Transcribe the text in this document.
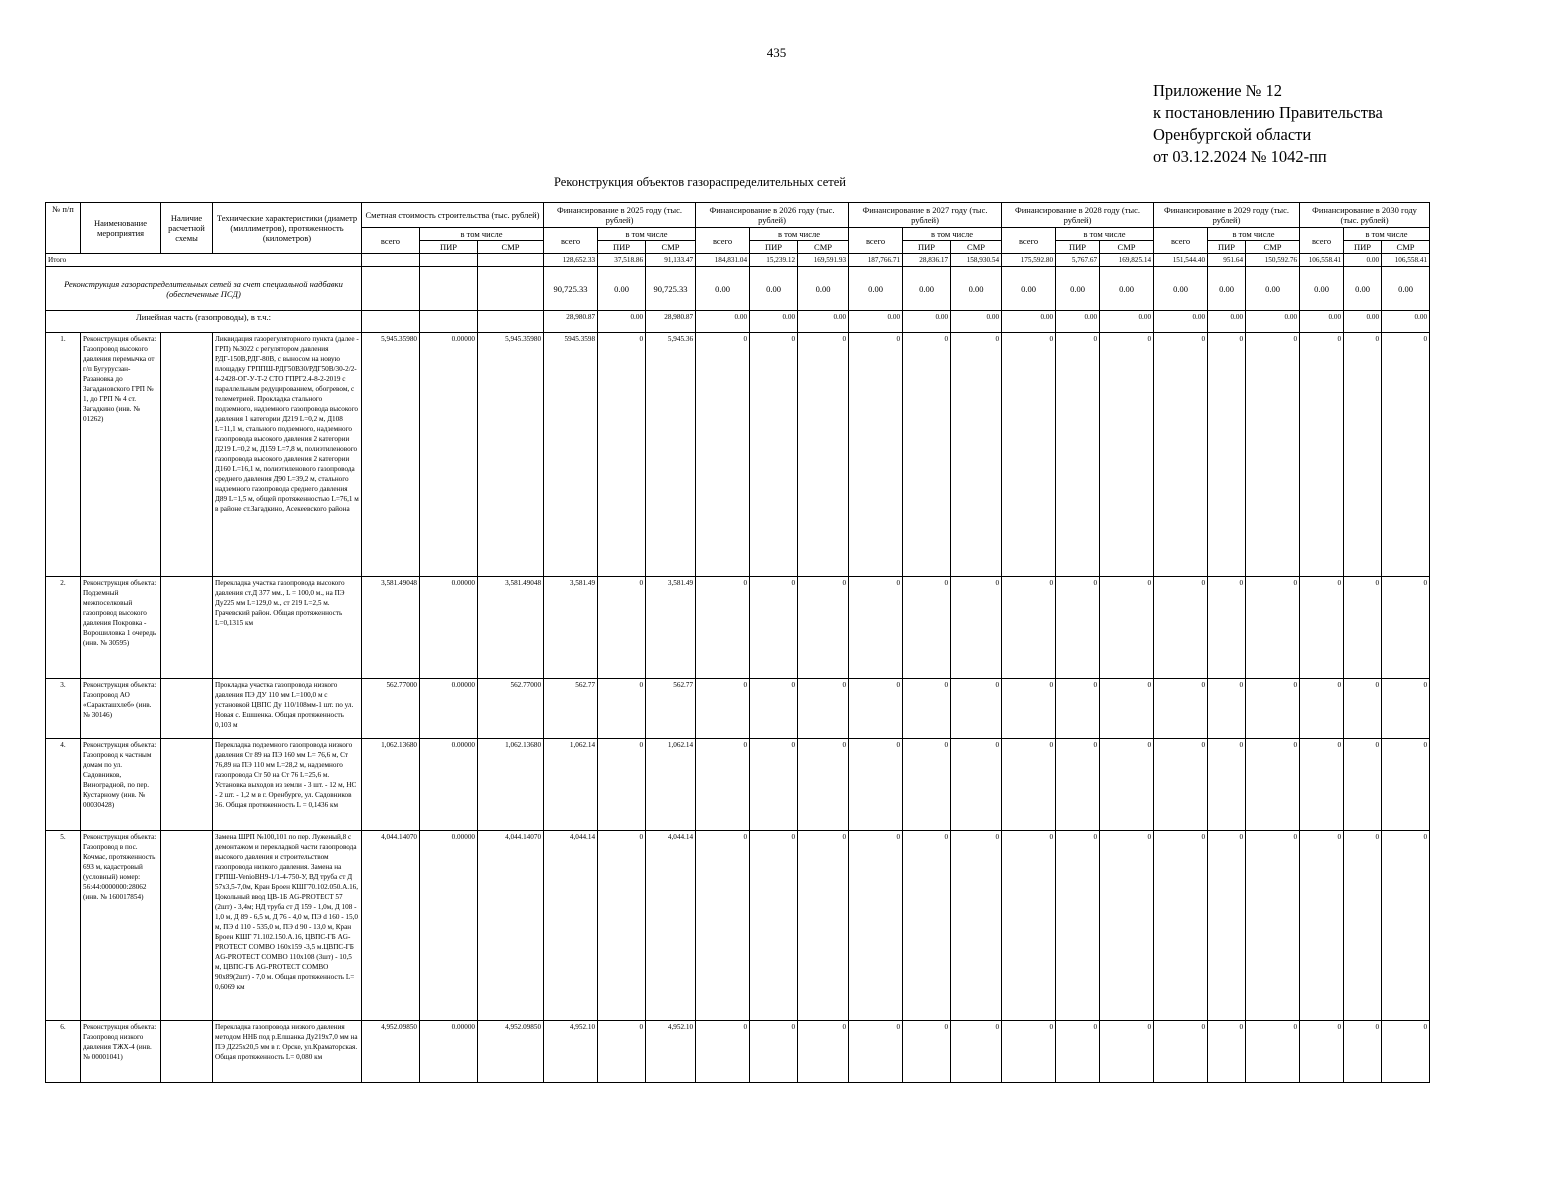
435
Приложение № 12
к постановлению Правительства
Оренбургской области
от 03.12.2024 № 1042-пп
Реконструкция объектов газораспределительных сетей
№ п/п	Наименование мероприятия	Наличие расчетной схемы	Технические характеристики (диаметр (миллиметров), протяженность (километров)	Сметная стоимость строительства (тыс. рублей)			Финансирование в 2025 году (тыс. рублей)			Финансирование в 2026 году (тыс. рублей)			Финансирование в 2027 году (тыс. рублей)			Финансирование в 2028 году (тыс. рублей)			Финансирование в 2029 году (тыс. рублей)			Финансирование в 2030 году (тыс. рублей)		
				всего	в том числе		всего	в том числе		всего	в том числе		всего	в том числе		всего	в том числе		всего	в том числе		всего	в том числе	
					ПИР	СМР		ПИР	СМР		ПИР	СМР		ПИР	СМР		ПИР	СМР		ПИР	СМР		ПИР	СМР
Итого							128,652.33	37,518.86	91,133.47	184,831.04	15,239.12	169,591.93	187,766.71	28,836.17	158,930.54	175,592.80	5,767.67	169,825.14	151,544.40	951.64	150,592.76	106,558.41	0.00	106,558.41
Реконструкция газораспределительных сетей за счет специальной надбавки (обеспеченные ПСД)							90,725.33	0.00	90,725.33	0.00	0.00	0.00	0.00	0.00	0.00	0.00	0.00	0.00	0.00	0.00	0.00	0.00	0.00	0.00
Линейная часть (газопроводы), в т.ч.:							28,980.87	0.00	28,980.87	0.00	0.00	0.00	0.00	0.00	0.00	0.00	0.00	0.00	0.00	0.00	0.00	0.00	0.00	0.00
1.	Реконструкция объекта: Газопровод высокого давления перемычка от г/п Бугурусзан-Разановка до Загадановского ГРП № 1, до ГРП № 4 ст. Загадкино (инв. № 01262)		Ликвидация газорегуляторного пункта (далее - ГРП) №3022 с регулятором давления РДГ-150В,РДГ-80В, с выносом на новую площадку ГРППШ-РДГ50В30/РДГ50В/30-2/2-4-2428-ОГ-У-Т-2 СТО ГПРГ2.4-8-2-2019 с параллельным редуцированием, обогревом, с телеметрией. Прокладка стального подземного, надземного газопровода высокого давления 1 категории Д219 L=0,2 м, Д108 L=11,1 м, стального подземного, надземного газопровода высокого давления 2 категории Д219 L=0,2 м, Д159 L=7,8 м, полиэтиленового газопровода высокого давления 2 категории Д160 L=16,1 м, полиэтиленового газопровода среднего давления Д90 L=39,2 м, стального надземного газопровода среднего давления Д89 L=1,5 м, общей протяженностью L=76,1 м в районе ст.Загадкино, Асекеевского района	5,945.35980	0.00000	5,945.35980	5945.3598	0	5,945.36	0	0	0	0	0	0	0	0	0	0	0	0	0	0	0
2.	Реконструкция объекта: Подземный межпоселковый газопровод высокого давления Покровка - Ворошиловка 1 очередь (инв. № 30595)		Перекладка участка газопровода высокого давления ст.Д 377 мм., L = 100,0 м., на ПЭ Ду225 мм L=129,0 м., ст 219 L=2,5 м. Грачевский район. Общая протяженность L=0,1315 км	3,581.49048	0.00000	3,581.49048	3,581.49	0	3,581.49	0	0	0	0	0	0	0	0	0	0	0	0	0	0	0
3.	Реконструкция объекта: Газопровод АО «Саракташхлеб» (инв. № 30146)		Прокладка участка газопровода низкого давления ПЭ ДУ 110 мм L=100,0 м с установкой ЦВПС Ду 110/108мм-1 шт. по ул. Новая с. Ешшенка. Общая протяженность 0,103 м	562.77000	0.00000	562.77000	562.77	0	562.77	0	0	0	0	0	0	0	0	0	0	0	0	0	0	0
4.	Реконструкция объекта: Газопровод к частным домам по ул. Садовников, Виноградной, по пер. Кустарному (инв. № 00030428)		Перекладка подземного газопровода низкого давления Ст 89 на ПЭ 160 мм L= 76,6 м, Ст 76,89 на ПЭ 110 мм L=28,2 м, надземного газопровода Ст 50 на Ст 76 L=25,6 м. Установка выходов из земли - 3 шт. - 12 м, НС - 2 шт. - 1,2 м в г. Оренбурге, ул. Садовников 36. Общая протяженность L = 0,1436 км	1,062.13680	0.00000	1,062.13680	1,062.14	0	1,062.14	0	0	0	0	0	0	0	0	0	0	0	0	0	0	0
5.	Реконструкция объекта: Газопровод в пос. Кочмас, протяженность 693 м, кадастровый (условный) номер: 56:44:0000000:28062 (инв. № 160017854)		Замена ШРП №100,101 по пер. Луженый,8 с демонтажом и перекладкой части газопровода высокого давления и строительством газопровода низкого давления. Замена на ГРПШ-VenioBH9-1/1-4-750-У, ВД труба ст Д 57х3,5-7,0м, Кран Броен КШГ70.102.050.А.16, Цокольный ввод ЦВ-1Б AG-PROTECT 57 (2шт) - 3,4м; НД труба ст Д 159 - 1,0м, Д 108 - 1,0 м, Д 89 - 6,5 м, Д 76 - 4,0 м, ПЭ d 160 - 15,0 м, ПЭ d 110 - 535,0 м, ПЭ d 90 - 13,0 м, Кран Броен КШГ 71.102.150.А.16, ЦВПС-ГБ AG-PROTECT COMBO 160х159 -3,5 м.ЦВПС-ГБ AG-PROTECT COMBO 110х108 (3шт) - 10,5 м, ЦВПС-ГБ AG-PROTECT COMBO 90х89(2шт) - 7,0 м. Общая протяженность L= 0,6069 км	4,044.14070	0.00000	4,044.14070	4,044.14	0	4,044.14	0	0	0	0	0	0	0	0	0	0	0	0	0	0	0
6.	Реконструкция объекта: Газопровод низкого давления ТЖХ-4 (инв. № 00001041)		Перекладка газопровода низкого давления методом ННБ под р.Елшанка Ду219х7,0 мм на ПЭ Д225х20,5 мм в г. Орске, ул.Краматорская. Общая протяженность L= 0,080 км	4,952.09850	0.00000	4,952.09850	4,952.10	0	4,952.10	0	0	0	0	0	0	0	0	0	0	0	0	0	0	0
